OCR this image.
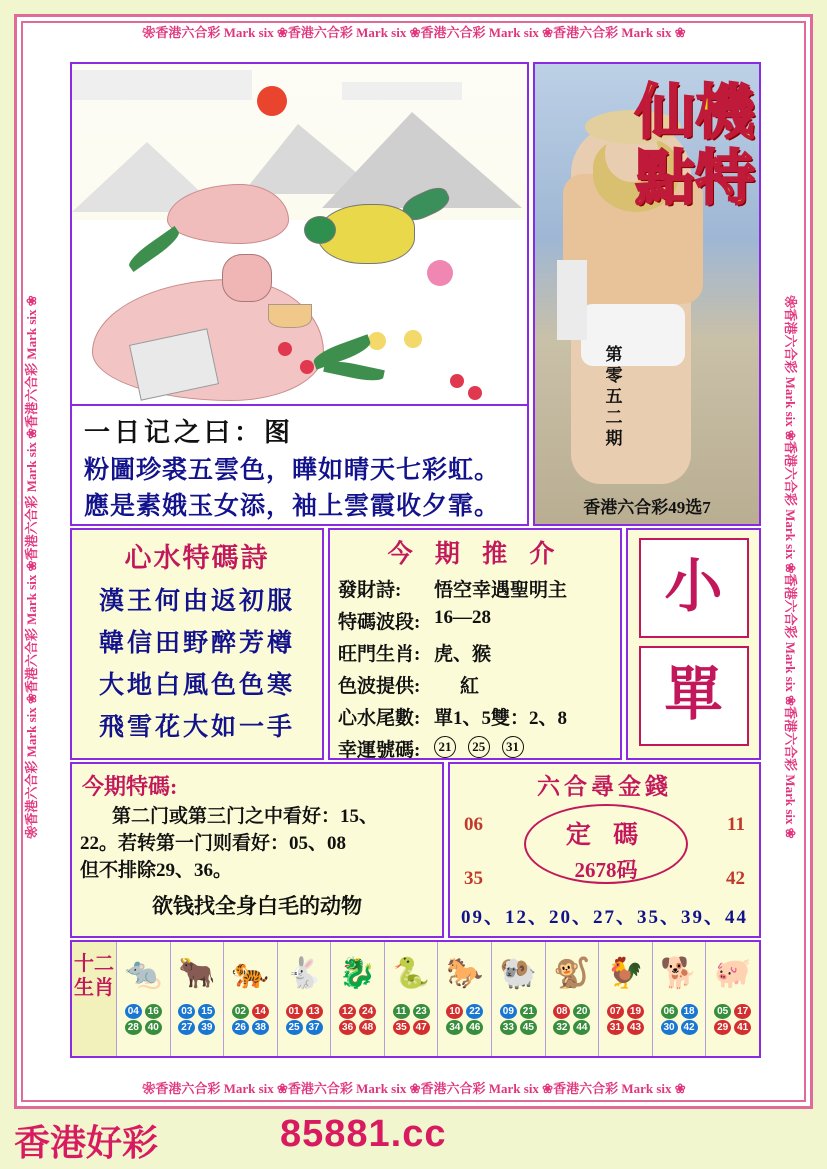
❀香港六合彩 Mark six ❀香港六合彩 Mark six ❀香港六合彩 Mark six ❀香港六合彩 Mark six ❀
❀香港六合彩 Mark six ❀香港六合彩 Mark six ❀香港六合彩 Mark six ❀香港六合彩 Mark six ❀
❀香港六合彩 Mark six ❀香港六合彩 Mark six ❀香港六合彩 Mark six ❀香港六合彩 Mark six ❀	❀香港六合彩 Mark six ❀香港六合彩 Mark six ❀香港六合彩 Mark six ❀香港六合彩 Mark six ❀
一日记之曰：图
粉圖珍裘五雲色，曄如晴天七彩虹。
應是素娥玉女添，袖上雲霞收夕霏。
仙機點特
第零五二期
香港六合彩49选7
心水特碼詩
漢王何由返初服
韓信田野醉芳樽
大地白風色色寒
飛雪花大如一手
今 期 推 介
發財詩:	悟空幸遇聖明主
特碼波段: 16—28
旺門生肖: 虎、猴
色波提供:	紅
心水尾數: 單1、5雙：2、8
幸運號碼:	21 25 31
小
單
今期特碼:
第二门或第三门之中看好：15、
22。若转第一门则看好：05、08
但不排除29、36。
欲钱找全身白毛的动物
六合尋金錢
06	11
35	42
定 碼
2678码
09、12、20、27、35、39、44
十二生肖 🐀
04 16
28 40
🐂
03 15
27 39
🐅
02 14
26 38
🐇
01 13
25 37
🐉
12 24
36 48
🐍
11 23
35 47
🐎
10 22
34 46
🐏
09 21
33 45
🐒
08 20
32 44
🐓
07 19
31 43
🐕
06 18
30 42
🐖
05 17
29 41
香港好彩	85881.cc
